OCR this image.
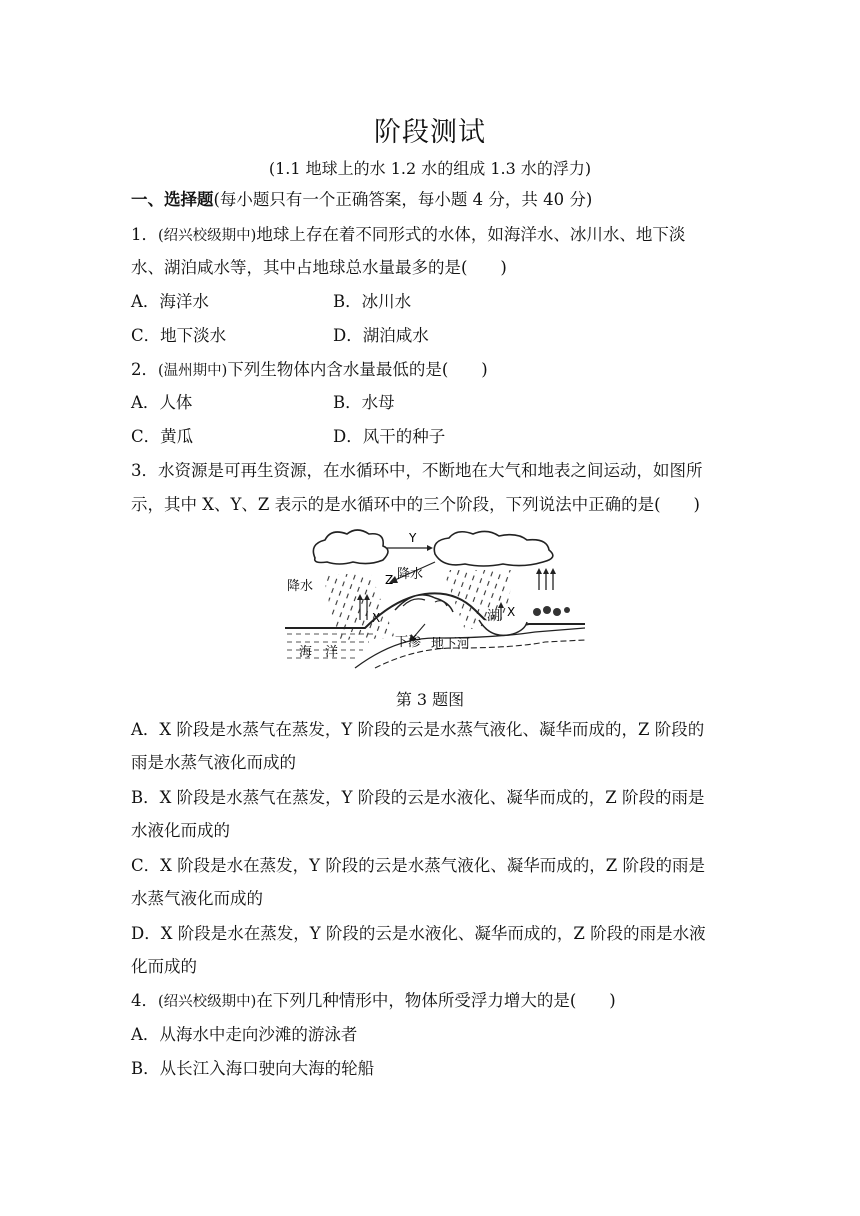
阶段测试
(1.1 地球上的水 1.2 水的组成 1.3 水的浮力)
一、选择题(每小题只有一个正确答案，每小题 4 分，共 40 分)
1．(绍兴校级期中)地球上存在着不同形式的水体，如海洋水、冰川水、地下淡
水、湖泊咸水等，其中占地球总水量最多的是(　　)
A．海洋水	B．冰川水
C．地下淡水	D．湖泊咸水
2．(温州期中)下列生物体内含水量最低的是(　　)
A．人体	B．水母
C．黄瓜	D．风干的种子
3．水资源是可再生资源，在水循环中，不断地在大气和地表之间运动，如图所
示，其中 X、Y、Z 表示的是水循环中的三个阶段，下列说法中正确的是(　　)
Y
Z
降水
降水
X	X
湖
海　洋
下渗 地下河
第 3 题图
A．X 阶段是水蒸气在蒸发，Y 阶段的云是水蒸气液化、凝华而成的，Z 阶段的
雨是水蒸气液化而成的
B．X 阶段是水蒸气在蒸发，Y 阶段的云是水液化、凝华而成的，Z 阶段的雨是
水液化而成的
C．X 阶段是水在蒸发，Y 阶段的云是水蒸气液化、凝华而成的，Z 阶段的雨是
水蒸气液化而成的
D．X 阶段是水在蒸发，Y 阶段的云是水液化、凝华而成的，Z 阶段的雨是水液
化而成的
4．(绍兴校级期中)在下列几种情形中，物体所受浮力增大的是(　　)
A．从海水中走向沙滩的游泳者
B．从长江入海口驶向大海的轮船
